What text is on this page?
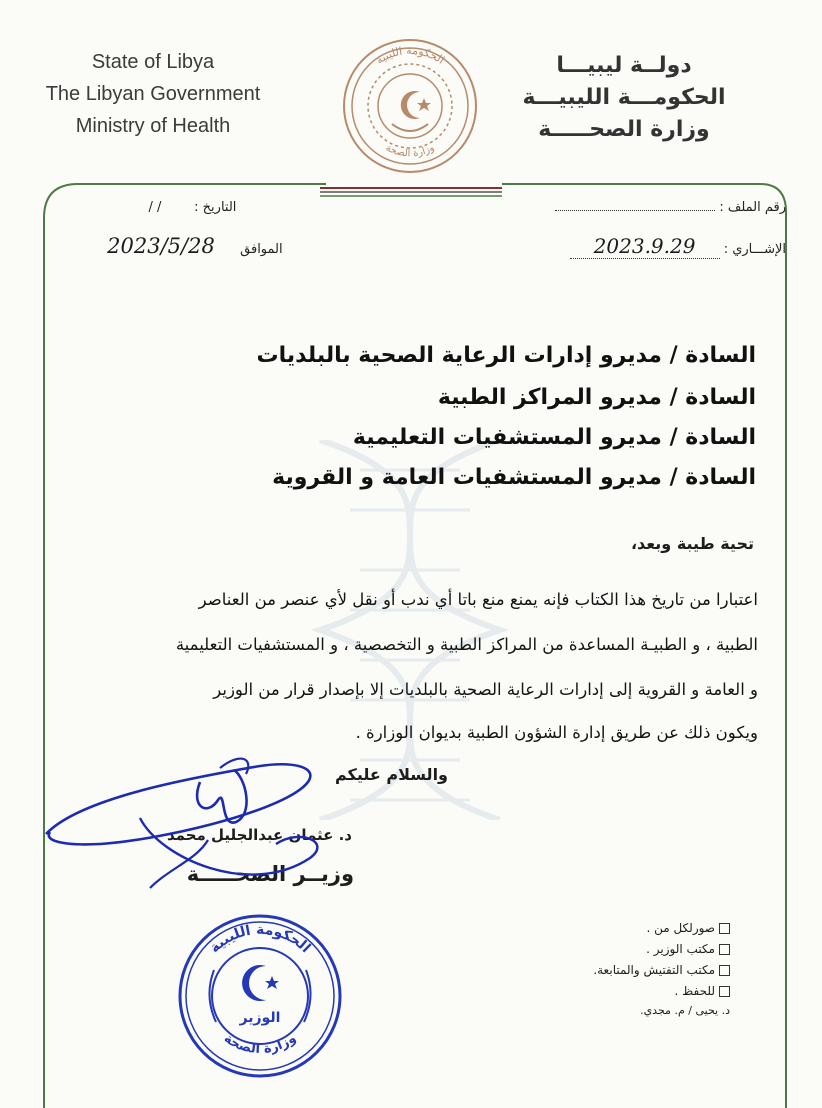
State of Libya
The Libyan Government
Ministry of Health
دولــة ليبيـــا
الحكومـــة الليبيـــة
وزارة الصحـــــة
الحكومة الليبية
وزارة الصحة
رقم الملف :
الإشـــاري : 2023.9.29
التاريخ : / /
الموافق 2023/5/28
السادة / مديرو إدارات الرعاية الصحية بالبلديات
السادة / مديرو المراكز الطبية
السادة / مديرو المستشفيات التعليمية
السادة / مديرو المستشفيات العامة و القروية
تحية طيبة وبعد،
اعتبارا من تاريخ هذا الكتاب فإنه يمنع منع باتا أي ندب أو نقل لأي عنصر من العناصر
الطبية ، و الطبيـة المساعدة من المراكز الطبية و التخصصية ، و المستشفيات التعليمية
و العامة و القروية إلى إدارات الرعاية الصحية بالبلديات إلا بإصدار قرار من الوزير
ويكون ذلك عن طريق إدارة الشؤون الطبية بديوان الوزارة .
والسلام عليكم
د. عثمان عبدالجليل محمد
وزيــر الصحـــــة
صورلكل من .
مكتب الوزير .
مكتب التفتيش والمتابعة.
للحفظ .
د. يحيى / م. مجدي.
الحكومة الليبية
وزارة الصحة
الوزير
